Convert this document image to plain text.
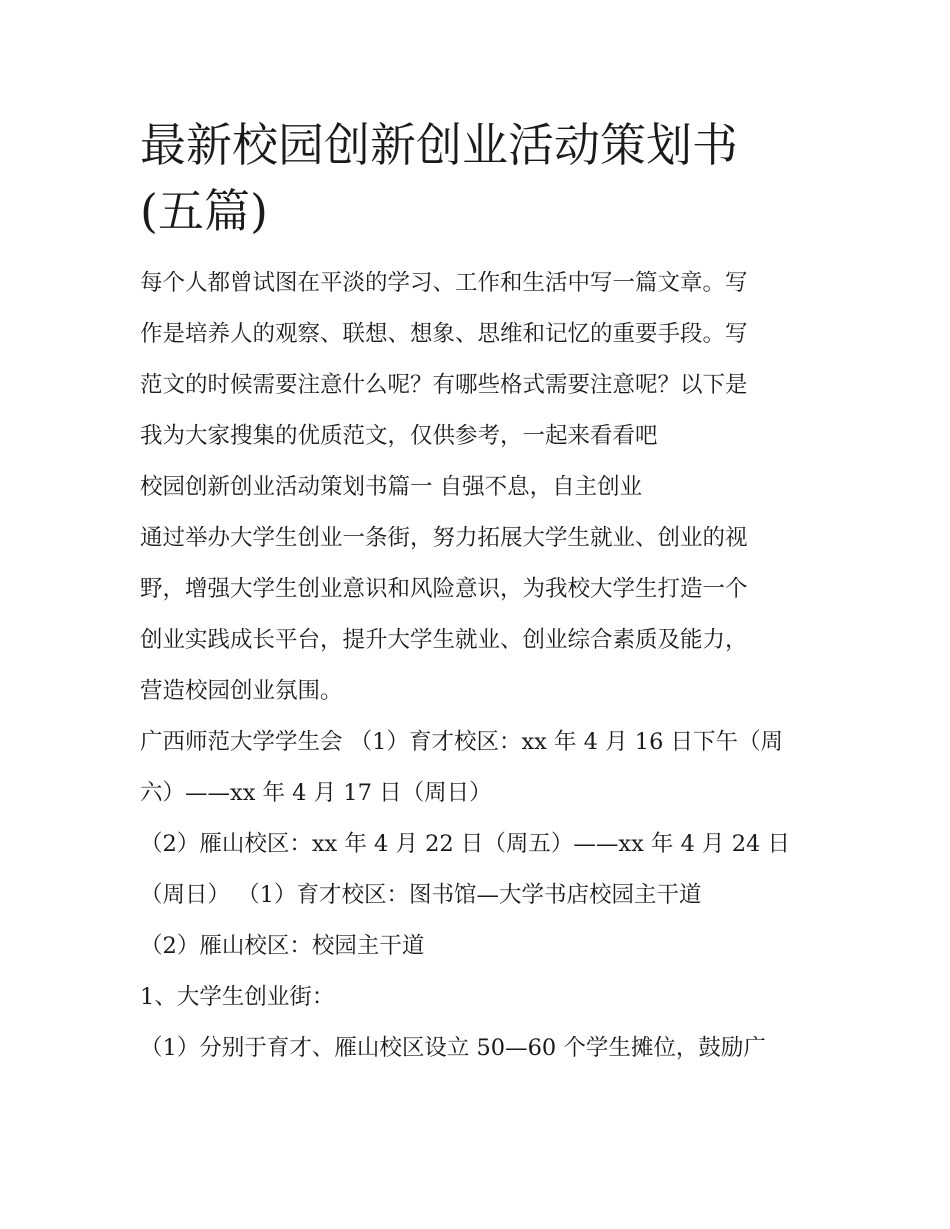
最新校园创新创业活动策划书
(五篇)
每个人都曾试图在平淡的学习、工作和生活中写一篇文章。写
作是培养人的观察、联想、想象、思维和记忆的重要手段。写
范文的时候需要注意什么呢？有哪些格式需要注意呢？以下是
我为大家搜集的优质范文，仅供参考，一起来看看吧
校园创新创业活动策划书篇一 自强不息，自主创业
通过举办大学生创业一条街，努力拓展大学生就业、创业的视
野，增强大学生创业意识和风险意识，为我校大学生打造一个
创业实践成长平台，提升大学生就业、创业综合素质及能力，
营造校园创业氛围。
广西师范大学学生会 （1）育才校区：xx 年 4 月 16 日下午（周
六）——xx 年 4 月 17 日（周日）
（2）雁山校区：xx 年 4 月 22 日（周五）——xx 年 4 月 24 日
（周日） （1）育才校区：图书馆—大学书店校园主干道
（2）雁山校区：校园主干道
1、大学生创业街：
（1）分别于育才、雁山校区设立 50—60 个学生摊位，鼓励广
